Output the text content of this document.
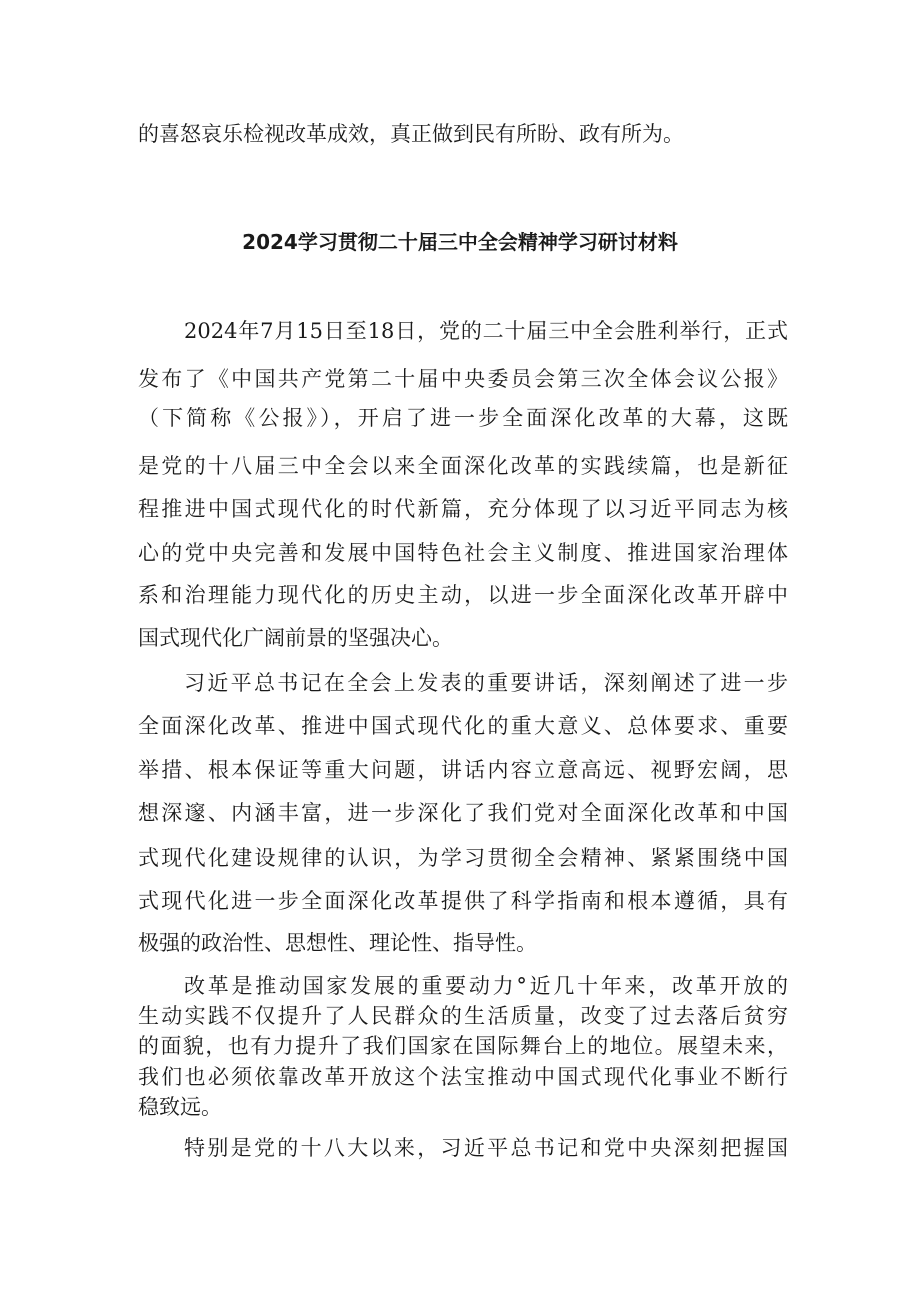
的喜怒哀乐检视改革成效，真正做到民有所盼、政有所为。
2024学习贯彻二十届三中全会精神学习研讨材料
2024年7月15日至18日，党的二十届三中全会胜利举行，正式
发布了《中国共产党第二十届中央委员会第三次全体会议公报》
（下简称《公报》），开启了进一步全面深化改革的大幕，这既
是党的十八届三中全会以来全面深化改革的实践续篇，也是新征
程推进中国式现代化的时代新篇，充分体现了以习近平同志为核
心的党中央完善和发展中国特色社会主义制度、推进国家治理体
系和治理能力现代化的历史主动，以进一步全面深化改革开辟中
国式现代化广阔前景的坚强决心。
习近平总书记在全会上发表的重要讲话，深刻阐述了进一步
全面深化改革、推进中国式现代化的重大意义、总体要求、重要
举措、根本保证等重大问题，讲话内容立意高远、视野宏阔，思
想深邃、内涵丰富，进一步深化了我们党对全面深化改革和中国
式现代化建设规律的认识，为学习贯彻全会精神、紧紧围绕中国
式现代化进一步全面深化改革提供了科学指南和根本遵循，具有
极强的政治性、思想性、理论性、指导性。
改革是推动国家发展的重要动力°近几十年来，改革开放的
生动实践不仅提升了人民群众的生活质量，改变了过去落后贫穷
的面貌，也有力提升了我们国家在国际舞台上的地位。展望未来，
我们也必须依靠改革开放这个法宝推动中国式现代化事业不断行
稳致远。
特别是党的十八大以来，习近平总书记和党中央深刻把握国
